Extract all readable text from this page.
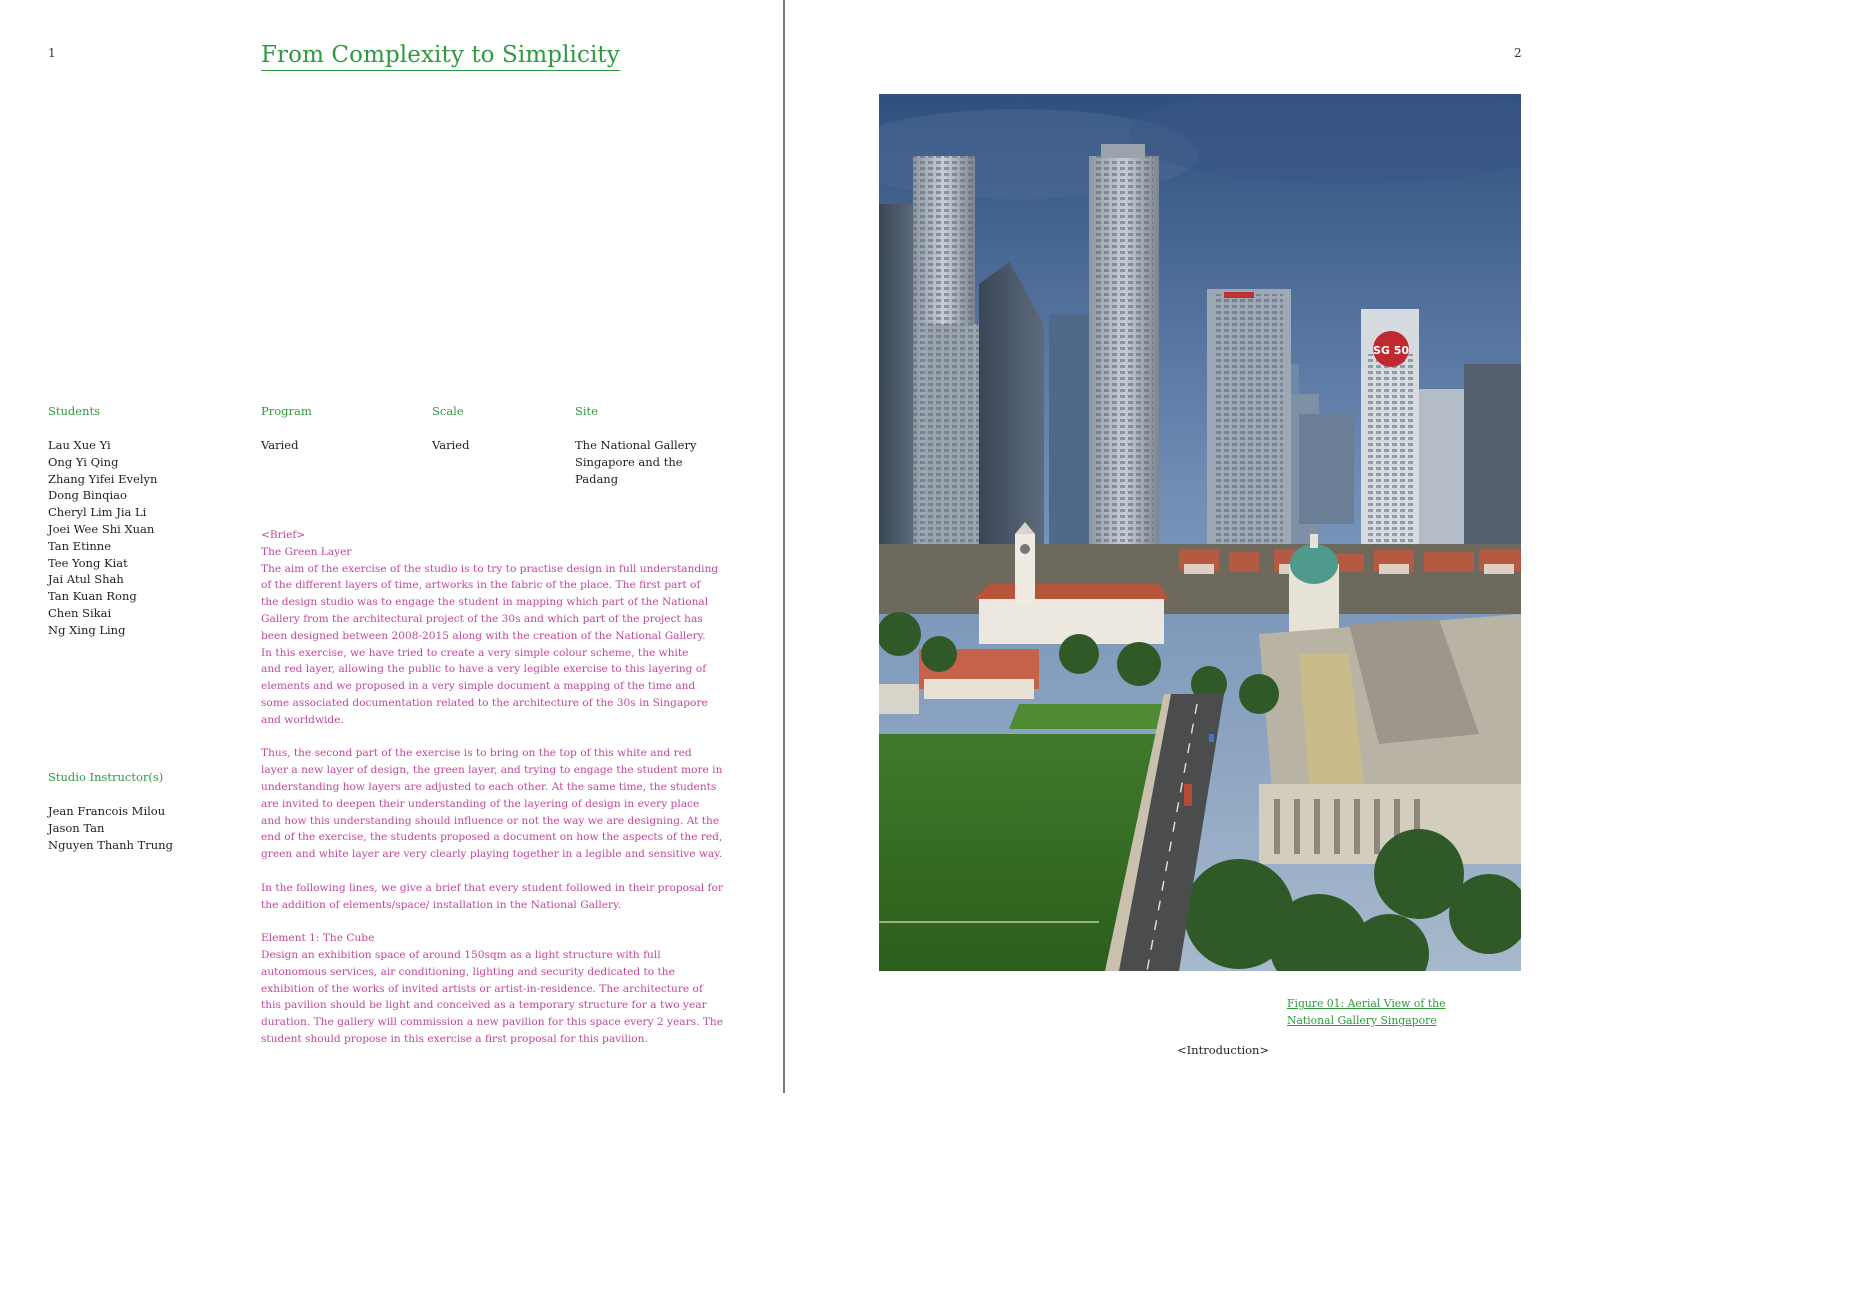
1	From Complexity to Simplicity
Students
Lau Xue Yi
Ong Yi Qing
Zhang Yifei Evelyn
Dong Binqiao
Cheryl Lim Jia Li
Joei Wee Shi Xuan
Tan Etinne
Tee Yong Kiat
Jai Atul Shah
Tan Kuan Rong
Chen Sikai
Ng Xing Ling
Program
Varied
Scale
Varied
Site
The National Gallery
Singapore and the
Padang
Studio Instructor(s)
Jean Francois Milou
Jason Tan
Nguyen Thanh Trung

<Brief>

The Green Layer

The aim of the exercise of the studio is to try to practise design in full understanding

of the different layers of time, artworks in the fabric of the place. The first part of

the design studio was to engage the student in mapping which part of the National

Gallery from the architectural project of the 30s and which part of the project has

been designed between 2008-2015 along with the creation of the National Gallery.

In this exercise, we have tried to create a very simple colour scheme, the white

and red layer, allowing the public to have a very legible exercise to this layering of

elements and we proposed in a very simple document a mapping of the time and

some associated documentation related to the architecture of the 30s in Singapore

and worldwide.

Thus, the second part of the exercise is to bring on the top of this white and red

layer a new layer of design, the green layer, and trying to engage the student more in

understanding how layers are adjusted to each other. At the same time, the students

are invited to deepen their understanding of the layering of design in every place

and how this understanding should influence or not the way we are designing. At the

end of the exercise, the students proposed a document on how the aspects of the red,

green and white layer are very clearly playing together in a legible and sensitive way.

In the following lines, we give a brief that every student followed in their proposal for

the addition of elements/space/ installation in the National Gallery.

Element 1: The Cube

Design an exhibition space of around 150sqm as a light structure with full

autonomous services, air conditioning, lighting and security dedicated to the

exhibition of the works of invited artists or artist-in-residence. The architecture of

this pavilion should be light and conceived as a temporary structure for a two year

duration. The gallery will commission a new pavilion for this space every 2 years. The

student should propose in this exercise a first proposal for this pavilion.

2
SG 50
Figure 01: Aerial View of the
National Gallery Singapore
<Introduction>
